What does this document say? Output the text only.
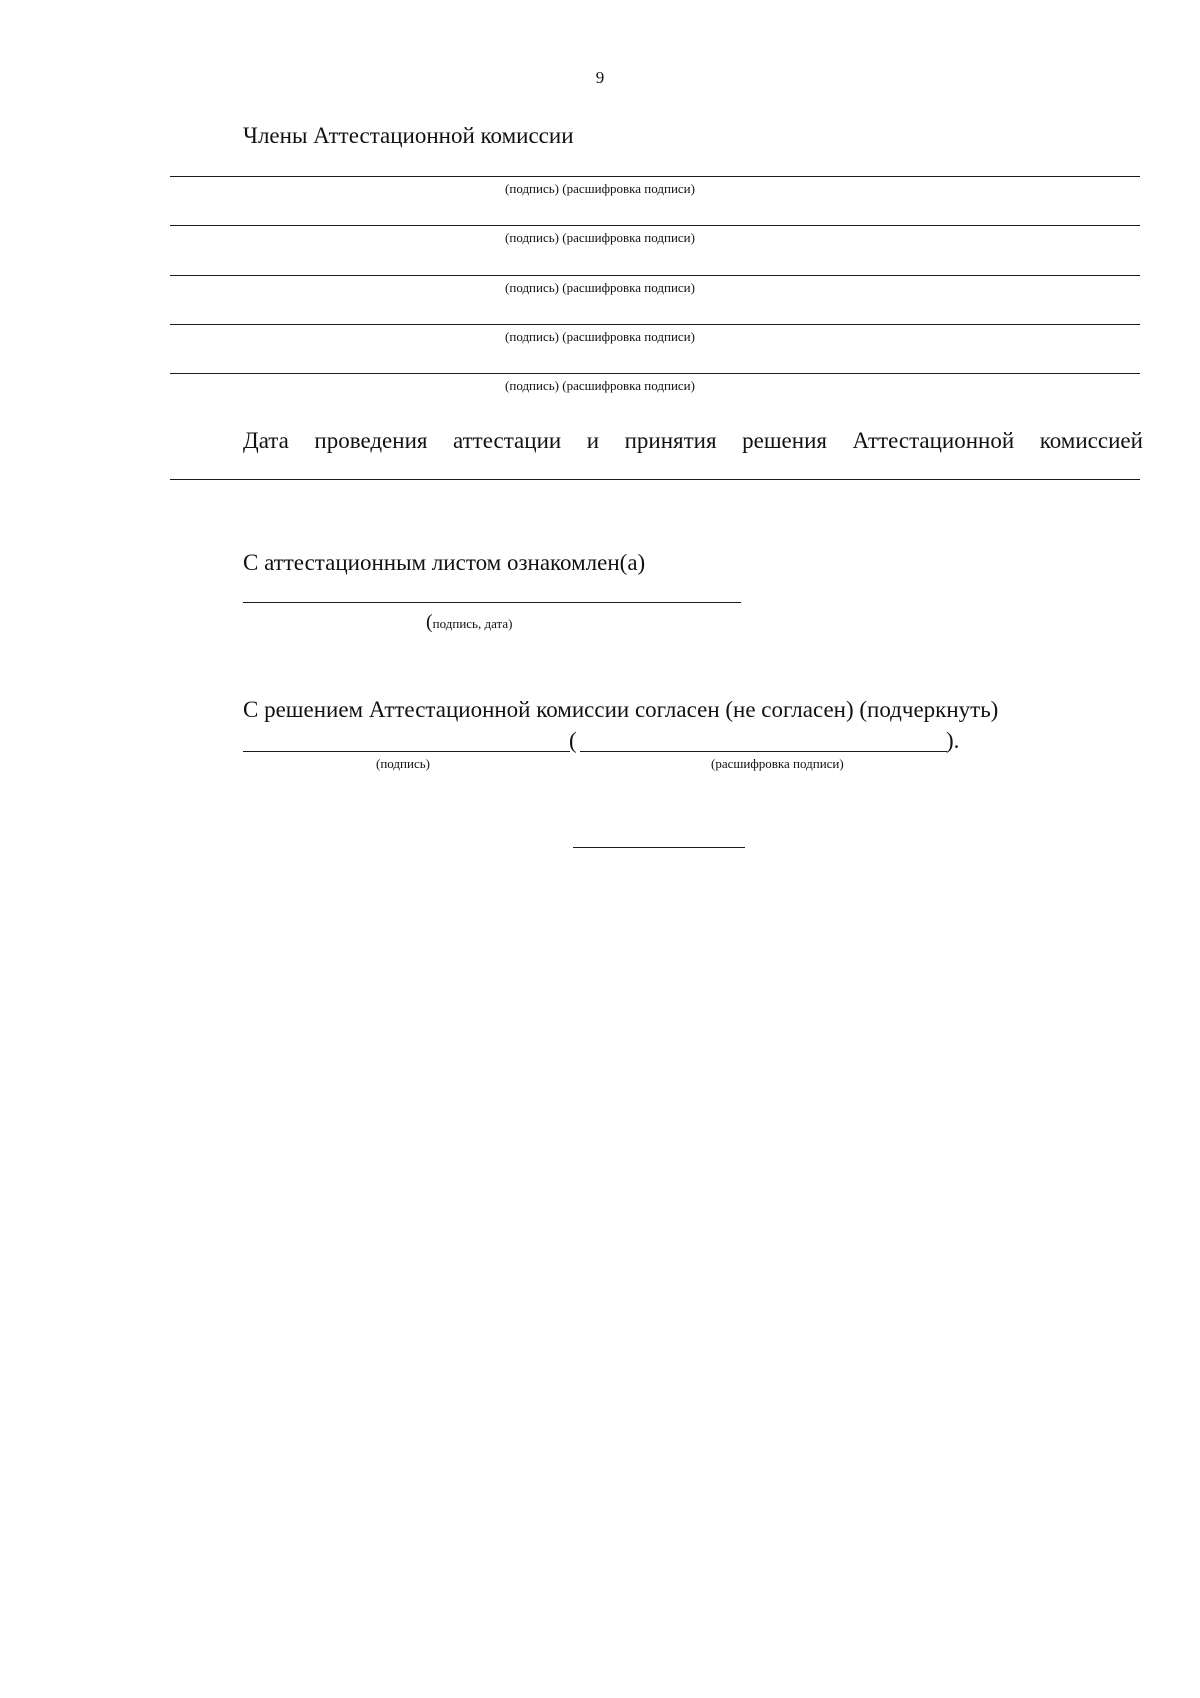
9
Члены Аттестационной комиссии
(подпись) (расшифровка подписи)
(подпись) (расшифровка подписи)
(подпись) (расшифровка подписи)
(подпись) (расшифровка подписи)
(подпись) (расшифровка подписи)
Дата проведения аттестации и принятия решения Аттестационной комиссией
С аттестационным листом ознакомлен(а)
(подпись, дата)
С решением Аттестационной комиссии согласен (не согласен) (подчеркнуть)
(	).
(подпись)	(расшифровка подписи)
